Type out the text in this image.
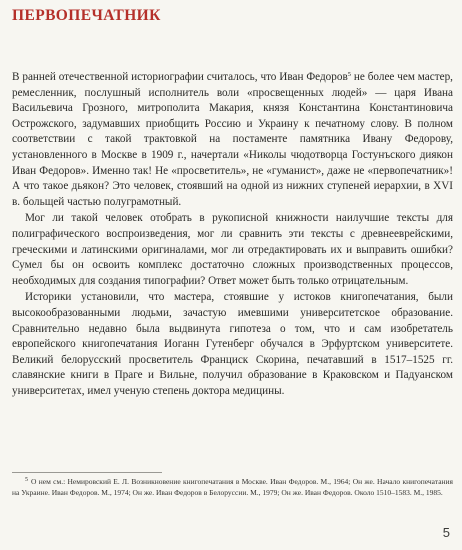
ПЕРВОПЕЧАТНИК

В ранней отечественной историографии считалось, что Иван Федоров$^5$ не более чем мастер, ремесленник, послушный исполнитель воли «просвещенных людей» — царя Ивана Васильевича Грозного, митрополита Макария, князя Константина Константиновича Острожского, задумавших приобщить Россию и Украину к печатному слову. В полном соответствии с такой трактовкой на постаменте памятника Ивану Федорову, установленного в Москве в 1909 г., начертали «Николы чюдотворца Гостунъского диякон Иван Федоров». Именно так! Не «просветитель», не «гуманист», даже не «первопечатник»! А что такое дьякон? Это человек, стоявший на одной из нижних ступеней иерархии, в XVI в. больщей частью полуграмотный.

Мог ли такой человек отобрать в рукописной книжности наилучшие тексты для полиграфического воспроизведения, мог ли сравнить эти тексты с древнееврейскими, греческими и латинскими оригиналами, мог ли отредактировать их и выправить ошибки? Сумел бы он освоить комплекс достаточно сложных производственных процессов, необходимых для создания типографии? Ответ может быть только отрицательным.

Историки установили, что мастера, стоявшие у истоков книгопечатания, были высокообразованными людьми, зачастую имевшими университетское образование. Сравнительно недавно была выдвинута гипотеза о том, что и сам изобретатель европейского книгопечатания Иоганн Гутенберг обучался в Эрфуртском университете. Великий белорусский просветитель Франциск Скорина, печатавший в 1517–1525 гг. славянские книги в Праге и Вильне, получил образование в Краковском и Падуанском университетах, имел ученую степень доктора медицины.

$^5$ О нем см.: Немировский Е. Л. Возникновение книгопечатания в Москве. Иван Федоров. М., 1964; Он же. Начало книгопечатания на Украине. Иван Федоров. М., 1974; Он же. Иван Федоров в Белоруссии. М., 1979; Он же. Иван Федоров. Около 1510–1583. М., 1985.
5
